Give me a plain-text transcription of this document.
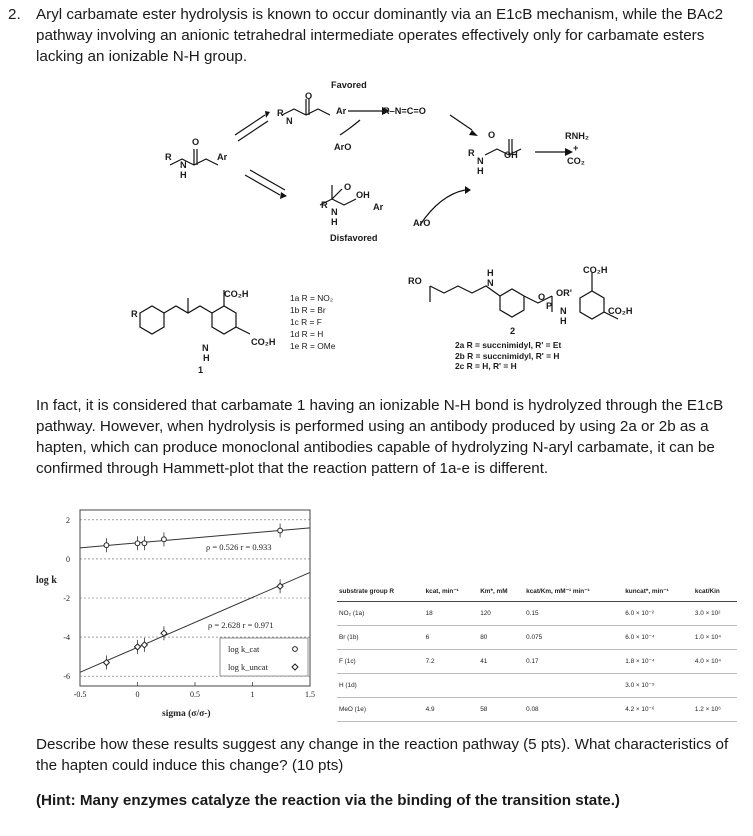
2. Aryl carbamate ester hydrolysis is known to occur dominantly via an E1cB mechanism, while the BAc2 pathway involving an anionic tetrahedral intermediate operates effectively only for carbamate esters lacking an ionizable N-H group.
Favored
Disfavored
R–N=C=O
RNH₂
+
CO₂
ArO
ArO
R
N
H
O
Ar
R
N
O
Ar
R
N
H
O
OH
R
N
H
O
OH
Ar
R
CO₂H
CO₂H
N
H
1
1a R = NO₂
1b R = Br
1c R = F
1d R = H
1e R = OMe
RO
H
N
O OR'
P N
H
CO₂H
CO₂H
2
2a R = succnimidyl, R' = Et
2b R = succnimidyl, R' = H
2c R = H, R' = H
In fact, it is considered that carbamate 1 having an ionizable N-H bond is hydrolyzed through the E1cB pathway. However, when hydrolysis is performed using an antibody produced by using 2a or 2b as a hapten, which can produce monoclonal antibodies capable of hydrolyzing N-aryl carbamate, it can be confirmed through Hammett-plot that the reaction pattern of 1a-e is different.
2
0
-2
-4
-6
-0.5	0	0.5	1	1.5
log k
sigma (σ/σ-)
ρ = 0.526 r = 0.933
ρ = 2.628 r = 0.971
log k_cat
log k_uncat
substrate group R	kcat, min⁻¹	Km*, mM	kcat/Km, mM⁻¹ min⁻¹	kuncat*, min⁻¹	kcat/Kin
NO₂ (1a)	18	120	0.15	6.0 × 10⁻²	3.0 × 10²
Br (1b)	6	80	0.075	6.0 × 10⁻⁴	1.0 × 10⁴
F (1c)	7.2	41	0.17	1.8 × 10⁻⁴	4.0 × 10⁴
H (1d)				3.0 × 10⁻⁵	
MeO (1e)	4.9	58	0.08	4.2 × 10⁻⁶	1.2 × 10⁶
Describe how these results suggest any change in the reaction pathway (5 pts). What characteristics of the hapten could induce this change? (10 pts)
(Hint: Many enzymes catalyze the reaction via the binding of the transition state.)
